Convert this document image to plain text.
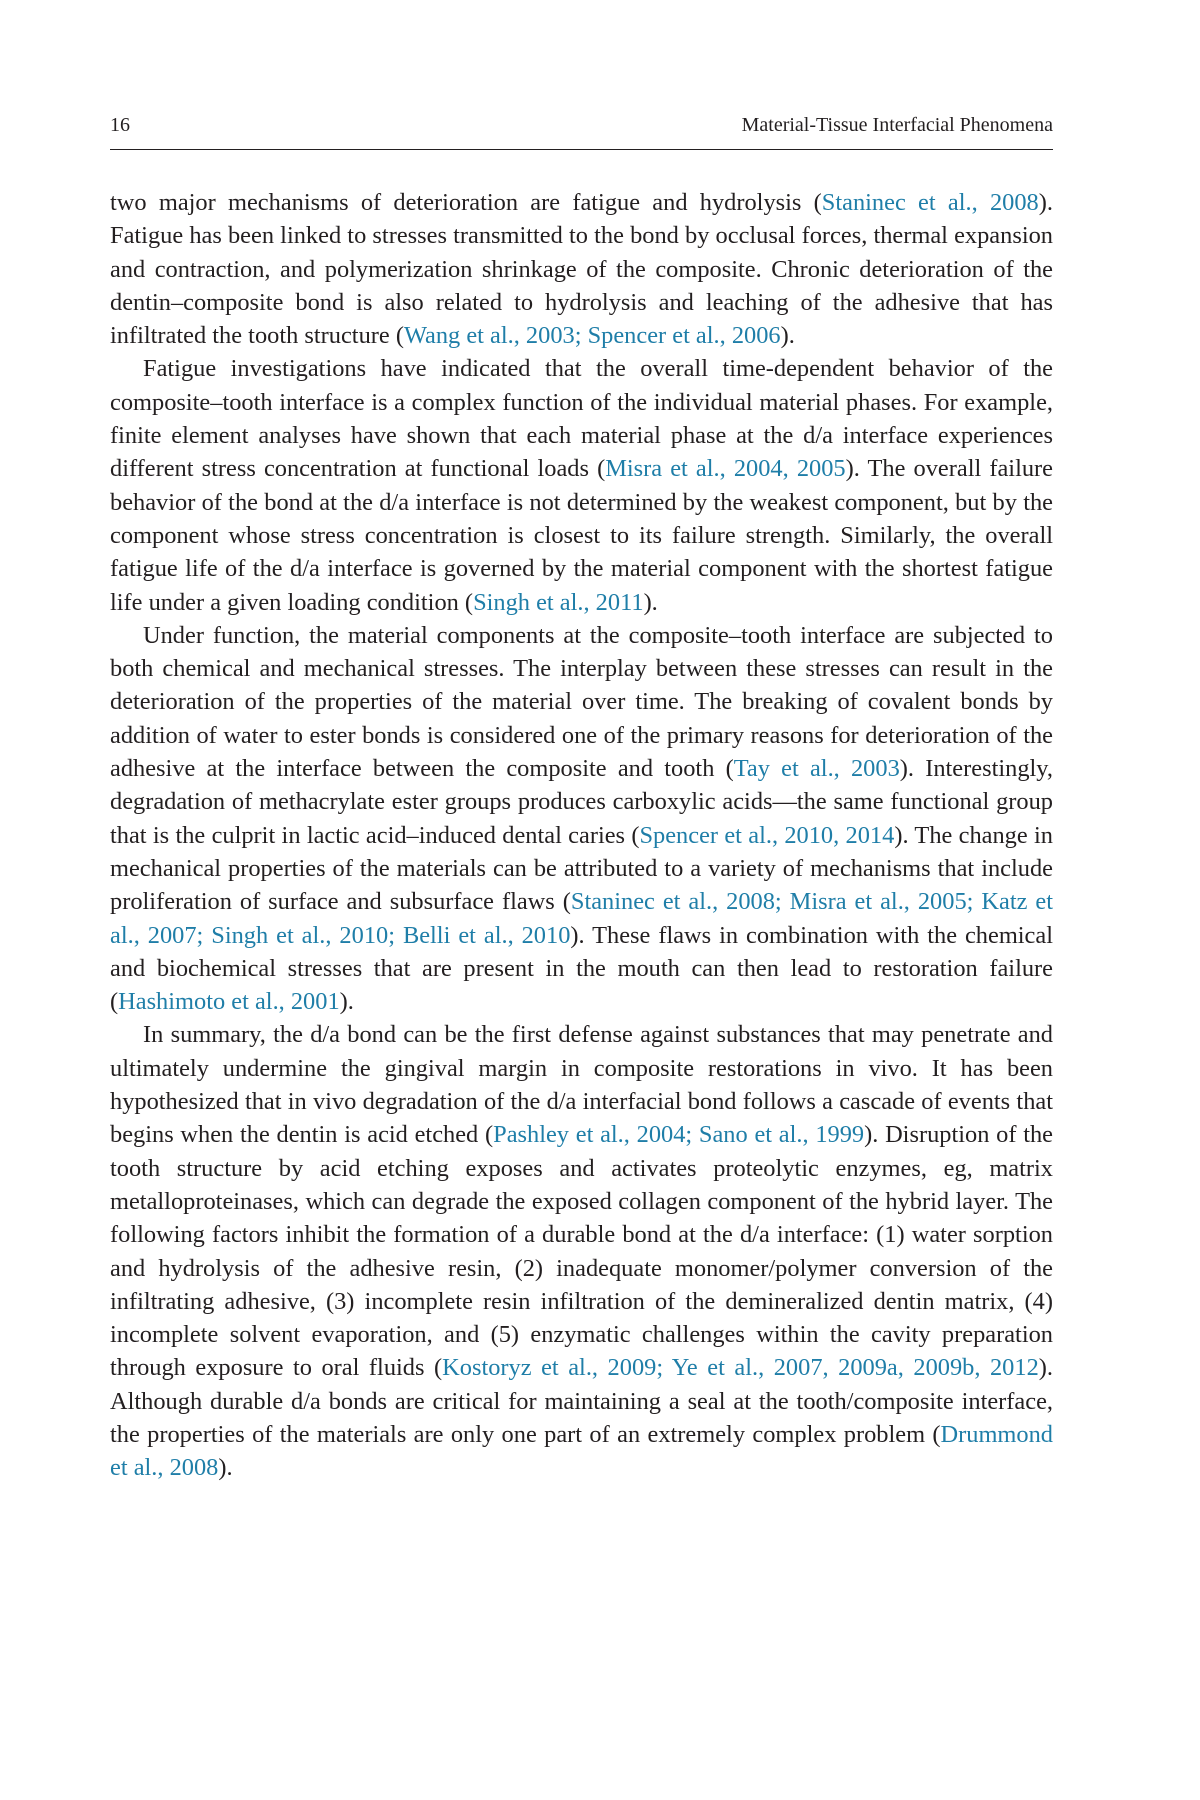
16	Material-Tissue Interfacial Phenomena

two major mechanisms of deterioration are fatigue and hydrolysis (Staninec et al., 2008). Fatigue has been linked to stresses transmitted to the bond by occlusal forces, thermal expansion and contraction, and polymerization shrinkage of the composite. Chronic deterioration of the dentin–composite bond is also related to hydrolysis and leaching of the adhesive that has infiltrated the tooth structure (Wang et al., 2003; Spencer et al., 2006).

Fatigue investigations have indicated that the overall time-dependent behavior of the composite–tooth interface is a complex function of the individual material phases. For example, finite element analyses have shown that each material phase at the d/a interface experiences different stress concentration at functional loads (Misra et al., 2004, 2005). The overall failure behavior of the bond at the d/a interface is not determined by the weakest component, but by the component whose stress concentration is closest to its failure strength. Similarly, the overall fatigue life of the d/a interface is governed by the material component with the shortest fatigue life under a given loading condition (Singh et al., 2011).

Under function, the material components at the composite–tooth interface are subjected to both chemical and mechanical stresses. The interplay between these stresses can result in the deterioration of the properties of the material over time. The breaking of covalent bonds by addition of water to ester bonds is considered one of the primary reasons for deterioration of the adhesive at the interface between the composite and tooth (Tay et al., 2003). Interestingly, degradation of methacrylate ester groups produces carboxylic acids—the same functional group that is the culprit in lactic acid–induced dental caries (Spencer et al., 2010, 2014). The change in mechanical properties of the materials can be attributed to a variety of mechanisms that include proliferation of surface and subsurface flaws (Staninec et al., 2008; Misra et al., 2005; Katz et al., 2007; Singh et al., 2010; Belli et al., 2010). These flaws in combination with the chemical and biochemical stresses that are present in the mouth can then lead to restoration failure (Hashimoto et al., 2001).

In summary, the d/a bond can be the first defense against substances that may penetrate and ultimately undermine the gingival margin in composite restorations in vivo. It has been hypothesized that in vivo degradation of the d/a interfacial bond follows a cascade of events that begins when the dentin is acid etched (Pashley et al., 2004; Sano et al., 1999). Disruption of the tooth structure by acid etching exposes and activates proteolytic enzymes, eg, matrix metalloproteinases, which can degrade the exposed collagen component of the hybrid layer. The following factors inhibit the formation of a durable bond at the d/a interface: (1) water sorption and hydrolysis of the adhesive resin, (2) inadequate monomer/polymer conversion of the infiltrating adhesive, (3) incomplete resin infiltration of the demineralized dentin matrix, (4) incomplete solvent evaporation, and (5) enzymatic challenges within the cavity preparation through exposure to oral fluids (Kostoryz et al., 2009; Ye et al., 2007, 2009a, 2009b, 2012). Although durable d/a bonds are critical for maintaining a seal at the tooth/composite interface, the properties of the materials are only one part of an extremely complex problem (Drummond et al., 2008).
